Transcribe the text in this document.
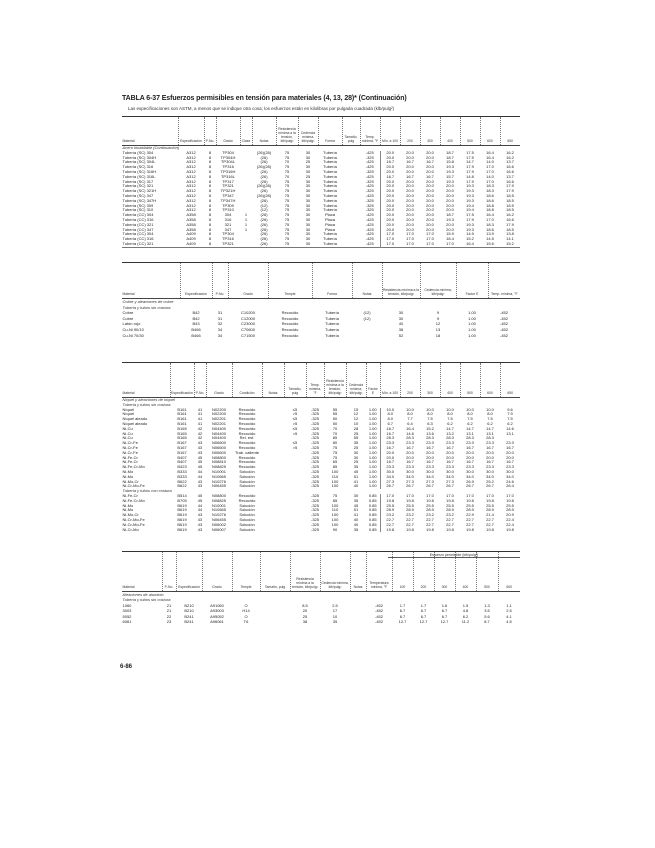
TABLA 6-37 Esfuerzos permisibles en tensión para materiales (4, 13, 28)* (Continuación)
Las especificaciones son ASTM, a menos que se indique otra cosa; los esfuerzos están en kilolibras por pulgada cuadrada (klb/pulg²)
Material	Especificación	P-No.	Grado	Clase	Notas	Resistencia mínima a la tensión, klb/pulg²	Cedencia mínima, klb/pulg²	Forma	Tamaño, pulg	Temp. mínima, °F	Mín. a 100	200	300	400	500	600	650
Acero inoxidable (Continuación)																	
Tubería (SC) 304	A312	8	TP304		(26)(28)	75	30	Tubería		-425	20.0	20.0	20.0	18.7	17.5	16.4	16.2
Tubería (SC) 304H	A312	8	TP304H		(26)	75	30	Tubería		-325	20.0	20.0	20.0	18.7	17.5	16.4	16.2
Tubería (SC) 304L	A312	8	TP304L		(26)	70	25	Tubería		-425	16.7	16.7	16.7	15.8	14.7	14.0	13.7
Tubería (SC) 316	A312	8	TP316		(26)(28)	75	30	Tubería		-425	20.0	20.0	20.0	19.3	17.9	17.0	16.6
Tubería (SC) 316H	A312	8	TP316H		(26)	75	30	Tubería		-325	20.0	20.0	20.0	19.3	17.9	17.0	16.6
Tubería (SC) 316L	A312	8	TP316L		(26)	70	25	Tubería		-425	16.7	16.7	16.7	15.7	14.8	14.0	13.7
Tubería (SC) 317	A312	8	TP317		(26)	75	30	Tubería		-325	20.0	20.0	20.0	19.3	17.9	17.0	16.6
Tubería (SC) 321	A312	8	TP321		(26)(28)	75	30	Tubería		-425	20.0	20.0	20.0	20.0	19.3	18.3	17.9
Tubería (SC) 321H	A312	8	TP321H		(26)	75	30	Tubería		-325	20.0	20.0	20.0	20.0	19.3	18.3	17.9
Tubería (SC) 347	A312	8	TP347		(26)(28)	75	30	Tubería		-425	20.0	20.0	20.0	20.0	19.3	18.6	18.5
Tubería (SC) 347H	A312	8	TP347H		(26)	75	30	Tubería		-325	20.0	20.0	20.0	20.0	19.3	18.6	18.5
Tubería (SC) 309	A312	8	TP309		(12)	75	30	Tubería		-325	20.0	20.0	20.0	20.0	19.4	18.8	18.5
Tubería (SC) 310	A312	8	TP310		(12)	75	30	Tubería		-325	20.0	20.0	20.0	20.0	19.4	18.8	18.5
Tubería (CC) 304	A358	8	304	1	(26)	75	30	Placa		-425	20.0	20.0	20.0	18.7	17.5	16.4	16.2
Tubería (CC) 316	A358	8	316	1	(26)	75	30	Placa		-425	20.0	20.0	20.0	19.3	17.9	17.0	16.6
Tubería (CC) 321	A358	8	321	1	(26)	75	30	Placa		-425	20.0	20.0	20.0	20.0	19.3	18.3	17.9
Tubería (CC) 347	A358	8	347	1	(26)	75	30	Placa		-425	20.0	20.0	20.0	20.0	19.3	18.6	18.5
Tubería (CC) 304	A409	8	TP304		(26)	75	30	Tubería		-425	17.0	17.0	17.0	15.9	14.9	13.9	13.8
Tubería (CC) 316	A409	8	TP316		(26)	75	30	Tubería		-425	17.0	17.0	17.0	16.4	15.2	14.5	14.1
Tubería (CC) 321	A409	8	TP321		(26)	75	30	Tubería		-425	17.0	17.0	17.0	17.0	16.4	15.6	15.2
Material	Especificación	P-No.	Grado	Temple	Forma	Notas	Resistencia mínima a la tensión, klb/pulg²	Cedencia mínima, klb/pulg²	Factor E	Temp. mínima, °F
Cobre y aleaciones de cobre										
Tubería y tubos sin costura										
Cobre	B42	31	C10200	Recocido	Tubería	(12)	30	9	1.00	-452
Cobre	B42	31	C12000	Recocido	Tubería	(12)	30	9	1.00	-452
Latón rojo	B43	32	C23000	Recocido	Tubería		40	12	1.00	-452
Cu-Ni 90/10	B466	34	C70600	Recocido	Tubería		38	13	1.00	-452
Cu-Ni 70/30	B466	34	C71500	Recocido	Tubería		52	18	1.00	-452
Material	Especificación	P-No.	Grado	Condición	Notas	Tamaño, pulg	Temp. mínima, °F	Resistencia mínima a la tensión, klb/pulg²	Cedencia mínima, klb/pulg²	Factor E	Mín. a 100	200	300	400	500	600	650
Níquel y aleaciones de níquel																	
Tubería y tubos sin costura																	
Níquel	B161	41	N02200	Recocido		≤5	-325	55	15	1.00	10.0	10.0	10.0	10.0	10.0	10.0	9.6
Níquel	B161	41	N02200	Recocido		>5	-325	55	12	1.00	8.0	8.0	8.0	8.0	8.0	8.0	7.9
Níquel aleado	B161	41	N02201	Recocido		≤5	-325	50	12	1.00	8.0	7.7	7.5	7.5	7.5	7.5	7.5
Níquel aleado	B161	41	N02201	Recocido		>5	-325	50	10	1.00	6.7	6.4	6.3	6.2	6.2	6.2	6.2
Ni-Cu	B165	42	N04400	Recocido		≤5	-325	70	28	1.00	18.7	16.4	15.2	14.7	14.7	14.7	14.6
Ni-Cu	B165	42	N04400	Recocido		>5	-325	70	25	1.00	16.7	14.6	13.6	13.2	13.1	13.1	13.1
Ni-Cu	B165	42	N04400	Rel. esf.			-325	85	55	1.00	28.3	28.3	28.3	28.3	28.3	28.3	
Ni-Cr-Fe	B167	43	N06600	Recocido		≤5	-325	80	35	1.00	23.3	23.3	23.3	23.3	23.3	23.3	23.3
Ni-Cr-Fe	B167	43	N06600	Recocido		>5	-325	75	25	1.00	16.7	16.7	16.7	16.7	16.7	16.7	16.7
Ni-Cr-Fe	B167	43	N06600	Trab. caliente			-325	75	30	1.00	20.0	20.0	20.0	20.0	20.0	20.0	20.0
Ni-Fe-Cr	B407	45	N08800	Recocido			-325	75	30	1.00	20.0	20.0	20.0	20.0	20.0	20.0	20.0
Ni-Fe-Cr	B407	45	N08810	Recocido			-325	65	25	1.00	16.7	16.7	16.7	16.7	16.7	16.7	16.7
Ni-Fe-Cr-Mo	B423	45	N08825	Recocido			-325	85	35	1.00	23.3	23.3	23.3	23.3	23.3	23.3	23.3
Ni-Mo	B333	44	N10001	Solución			-325	100	45	1.00	30.0	30.0	30.0	30.0	30.0	30.0	30.0
Ni-Mo	B333	44	N10665	Solución			-325	110	51	1.00	34.0	34.0	34.0	34.0	34.0	34.0	34.0
Ni-Mo-Cr	B622	43	N10276	Solución			-325	100	41	1.00	27.3	27.3	27.3	27.3	26.9	25.2	24.6
Ni-Cr-Mo-Fe	B622	43	N06455	Solución			-325	100	40	1.00	26.7	26.7	26.7	26.7	26.7	26.7	26.4
Tubería y tubos con costura																	
Ni-Fe-Cr	B514	45	N08800	Recocido			-325	75	30	0.85	17.0	17.0	17.0	17.0	17.0	17.0	17.0
Ni-Fe-Cr-Mo	B705	45	N08825	Recocido			-325	85	35	0.85	19.8	19.8	19.8	19.8	19.8	19.8	19.8
Ni-Mo	B619	44	N10001	Solución			-325	100	45	0.85	25.5	25.5	25.5	25.5	25.5	25.5	25.5
Ni-Mo	B619	44	N10665	Solución			-325	110	51	0.85	28.9	28.9	28.9	28.9	28.9	28.9	28.9
Ni-Mo-Cr	B619	43	N10276	Solución			-325	100	41	0.85	23.2	23.2	23.2	23.2	22.9	21.4	20.9
Ni-Cr-Mo-Fe	B619	43	N06455	Solución			-325	100	40	0.85	22.7	22.7	22.7	22.7	22.7	22.7	22.4
Ni-Cr-Mo-Fe	B619	43	N06002	Solución			-325	100	40	0.85	22.7	22.7	22.7	22.7	22.7	22.7	22.4
Ni-Cr-Mo	B619	43	N06007	Solución			-325	90	35	0.85	19.8	19.8	19.8	19.8	19.8	19.8	19.8
Material	P-No.	Especificación	Grado	Temple	Tamaño, pulg	Resistencia mínima a la tensión, klb/pulg²	Cedencia mínima, klb/pulg²	Notas	Temperatura mínima, °F	100	200	300	400	500	600
Aleaciones de aluminio															
Tubería y tubos sin costura															
1060	21	B210	A91060	O		8.5	2.5		-452	1.7	1.7	1.6	1.5	1.3	1.1
3003	21	B210	A93003	H14		20	17		-452	6.7	6.7	6.7	4.8	3.5	2.5
5052	22	B241	A95052	O		25	10		-452	6.7	6.7	6.7	6.2	5.6	4.1
6061	23	B241	A96061	T6		38	35		-452	12.7	12.7	12.7	11.2	8.7	4.5
Esfuerzo permisible (klb/pulg²)
6-86
